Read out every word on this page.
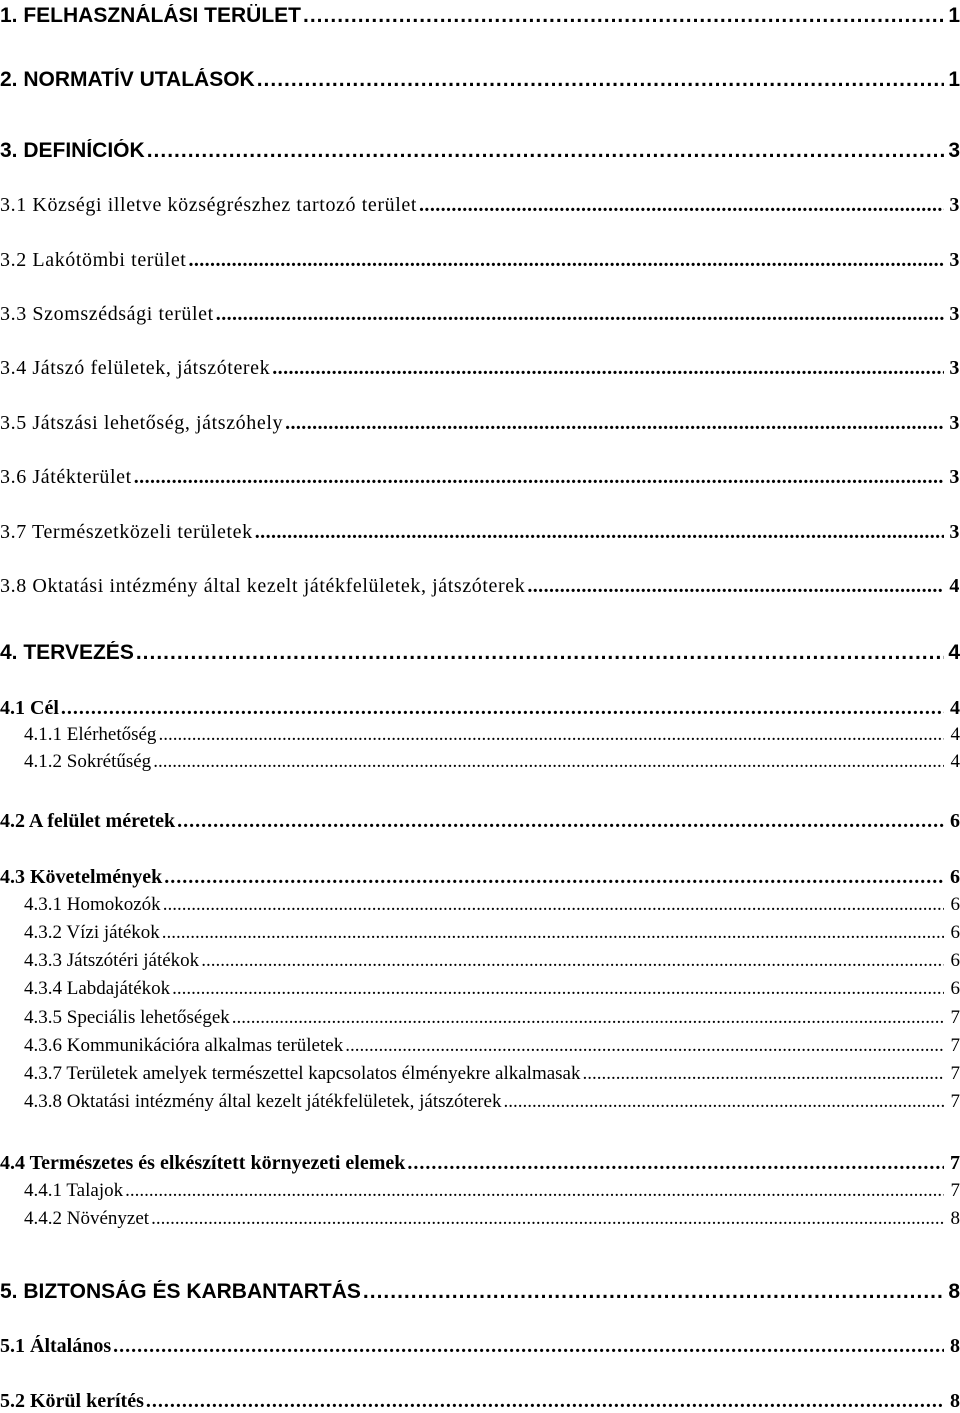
1. FELHASZNÁLÁSI TERÜLET .....	1
2. NORMATÍV UTALÁSOK .....	1
3. DEFINÍCIÓK .....	3
3.1 Községi illetve községrészhez tartozó terület .....	3
3.2 Lakótömbi terület .....	3
3.3 Szomszédsági terület .....	3
3.4 Játszó felületek, játszóterek .....	3
3.5 Játszási lehetőség, játszóhely .....	3
3.6 Játékterület .....	3
3.7 Természetközeli területek .....	3
3.8 Oktatási intézmény által kezelt játékfelületek, játszóterek .....	4
4. TERVEZÉS .....	4
4.1 Cél .....	4
4.1.1 Elérhetőség .....	4
4.1.2 Sokrétűség .....	4
4.2 A felület méretek .....	6
4.3 Követelmények .....	6
4.3.1 Homokozók .....	6
4.3.2 Vízi játékok .....	6
4.3.3 Játszótéri játékok .....	6
4.3.4 Labdajátékok .....	6
4.3.5 Speciális lehetőségek .....	7
4.3.6 Kommunikációra alkalmas területek .....	7
4.3.7 Területek amelyek természettel kapcsolatos élményekre alkalmasak .....	7
4.3.8 Oktatási intézmény által kezelt játékfelületek, játszóterek .....	7
4.4 Természetes és elkészített környezeti elemek .....	7
4.4.1 Talajok .....	7
4.4.2 Növényzet .....	8
5. BIZTONSÁG ÉS KARBANTARTÁS .....	8
5.1 Általános .....	8
5.2 Körül kerítés .....	8
